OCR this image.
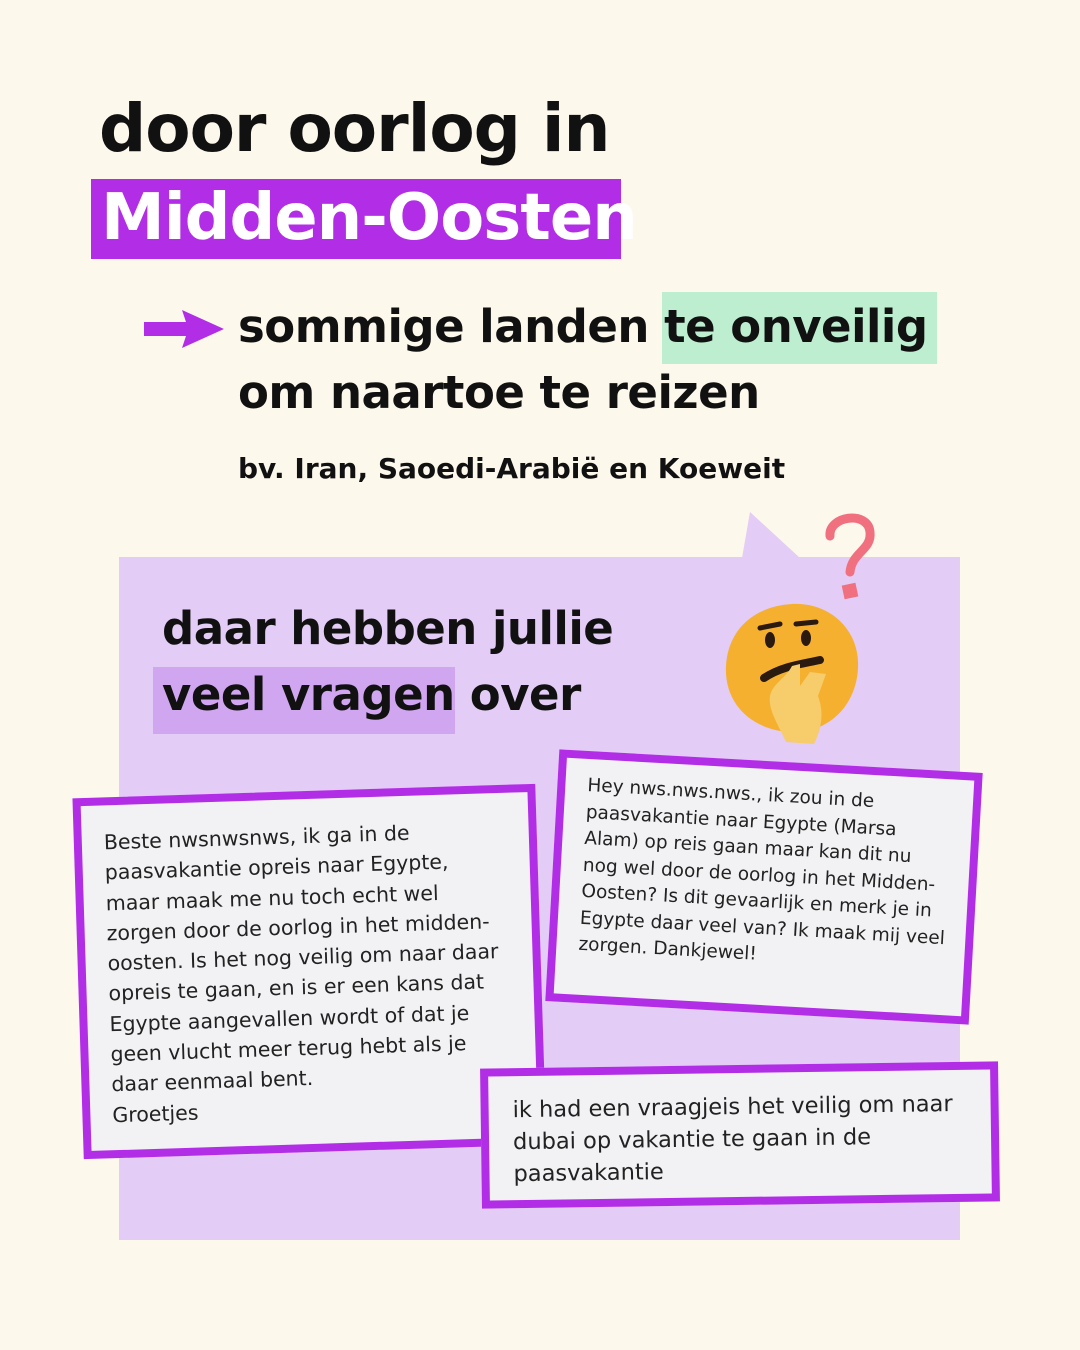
door oorlog in
Midden-Oosten
sommige landen te onveilig
om naartoe te reizen
bv. Iran, Saoedi-Arabië en Koeweit
daar hebben jullie
veel vragen over
Beste nwsnwsnws, ik ga in de
paasvakantie opreis naar Egypte,
maar maak me nu toch echt wel
zorgen door de oorlog in het midden-
oosten. Is het nog veilig om naar daar
opreis te gaan, en is er een kans dat
Egypte aangevallen wordt of dat je
geen vlucht meer terug hebt als je
daar eenmaal bent.
Groetjes
Hey nws.nws.nws., ik zou in de
paasvakantie naar Egypte (Marsa
Alam) op reis gaan maar kan dit nu
nog wel door de oorlog in het Midden-
Oosten? Is dit gevaarlijk en merk je in
Egypte daar veel van? Ik maak mij veel
zorgen. Dankjewel!
ik had een vraagjeis het veilig om naar
dubai op vakantie te gaan in de
paasvakantie
